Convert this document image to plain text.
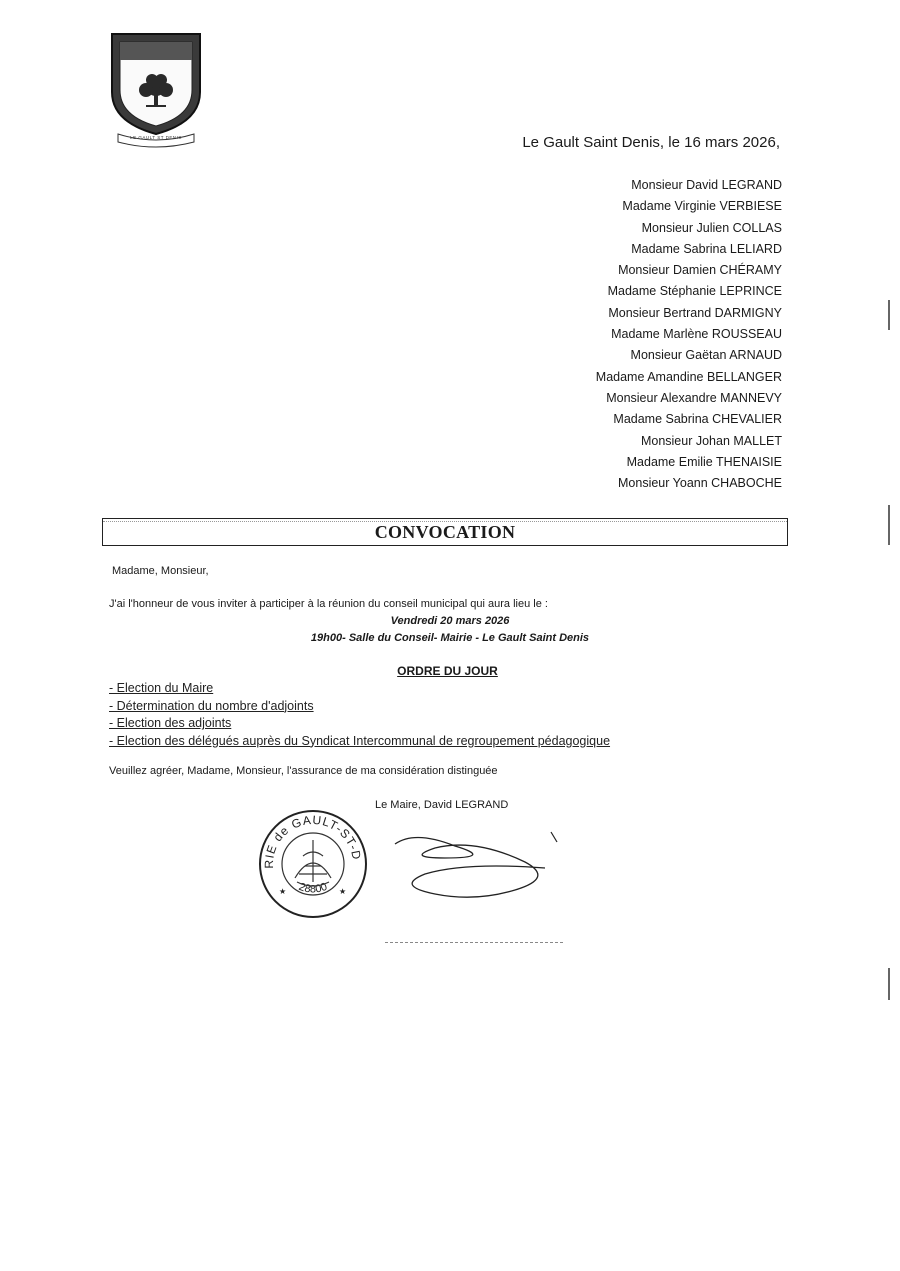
LE GAULT ST DENIS	Le Gault Saint Denis, le 16 mars 2026,
Monsieur David LEGRAND
Madame Virginie VERBIESE
Monsieur Julien COLLAS
Madame Sabrina LELIARD
Monsieur Damien CHÉRAMY
Madame Stéphanie LEPRINCE
Monsieur Bertrand DARMIGNY
Madame Marlène ROUSSEAU
Monsieur Gaëtan ARNAUD
Madame Amandine BELLANGER
Monsieur Alexandre MANNEVY
Madame Sabrina CHEVALIER
Monsieur Johan MALLET
Madame Emilie THENAISIE
Monsieur Yoann CHABOCHE
CONVOCATION
Madame, Monsieur,
J'ai l'honneur de vous inviter à participer à la réunion du conseil municipal qui aura lieu le :
Vendredi 20 mars 2026
19h00- Salle du Conseil- Mairie - Le Gault Saint Denis
ORDRE DU JOUR
- Election du Maire
- Détermination du nombre d'adjoints
- Election des adjoints
- Election des délégués auprès du Syndicat Intercommunal de regroupement pédagogique
Veuillez agréer, Madame, Monsieur, l'assurance de ma considération distinguée
Le Maire, David LEGRAND
RIE de GAULT-ST-D
28800
★	★
